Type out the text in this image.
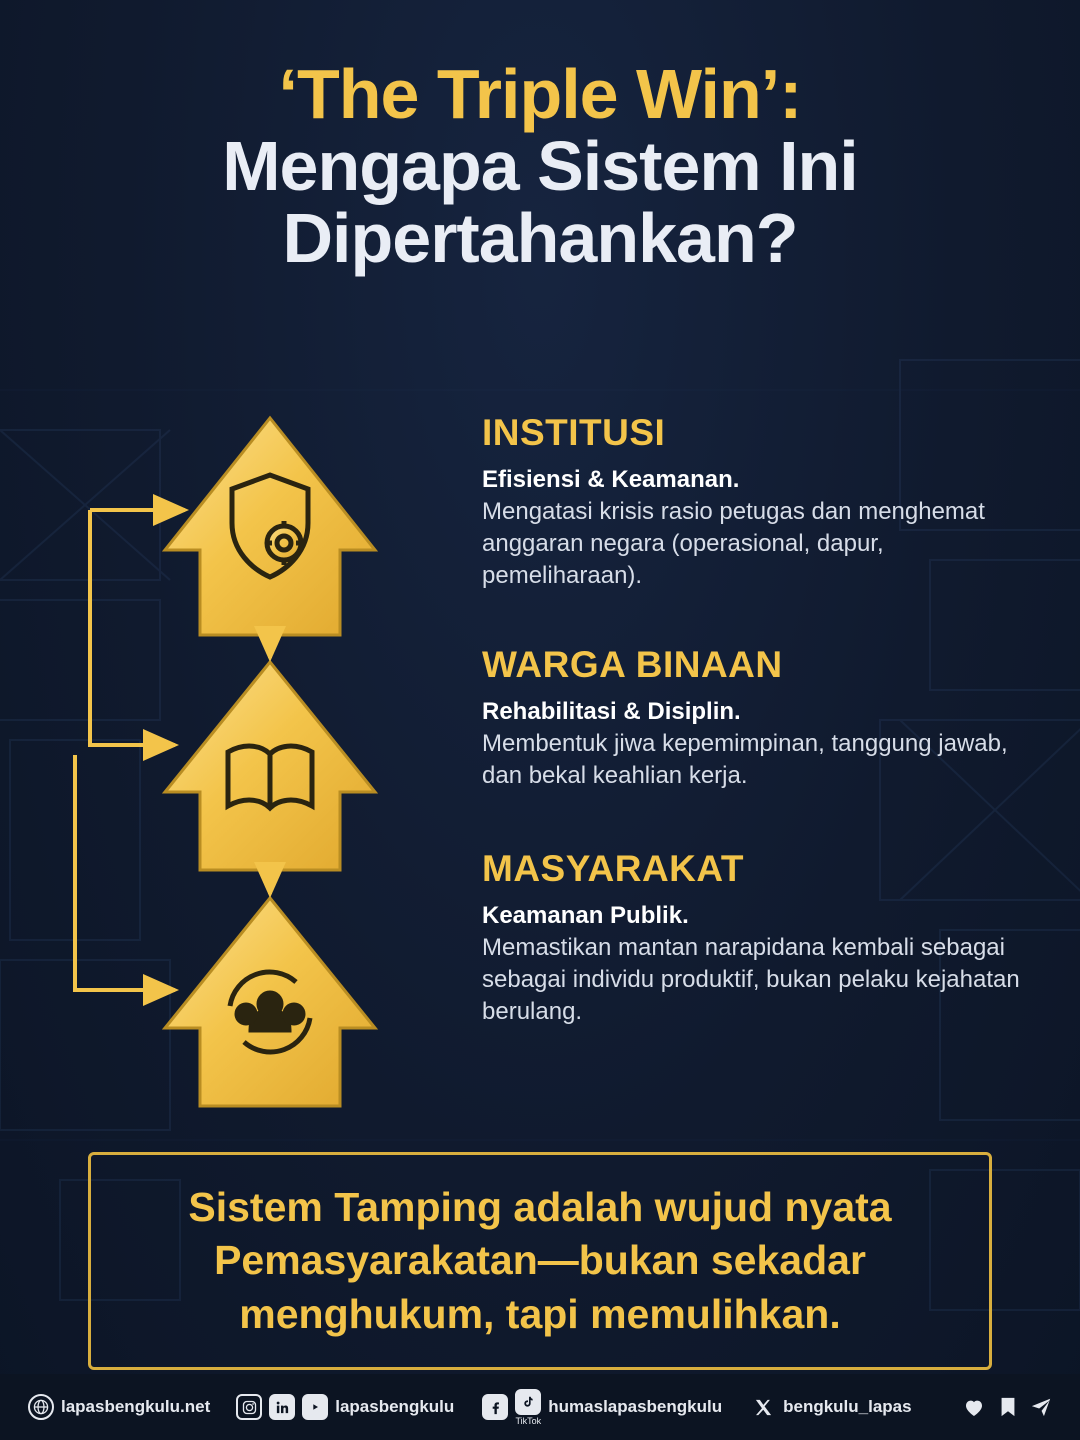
‘The Triple Win’:
Mengapa Sistem Ini
Dipertahankan?
INSTITUSI
Efisiensi & Keamanan.
Mengatasi krisis rasio petugas dan menghemat anggaran negara (operasional, dapur, pemeliharaan).
WARGA BINAAN
Rehabilitasi & Disiplin.
Membentuk jiwa kepemimpinan, tanggung jawab, dan bekal keahlian kerja.
MASYARAKAT
Keamanan Publik.
Memastikan mantan narapidana kembali sebagai sebagai individu produktif, bukan pelaku kejahatan berulang.
Sistem Tamping adalah wujud nyata Pemasyarakatan—bukan sekadar menghukum, tapi memulihkan.
lapasbengkulu.net	lapasbengkulu
TikTok
humaslapasbengkulu	bengkulu_lapas
